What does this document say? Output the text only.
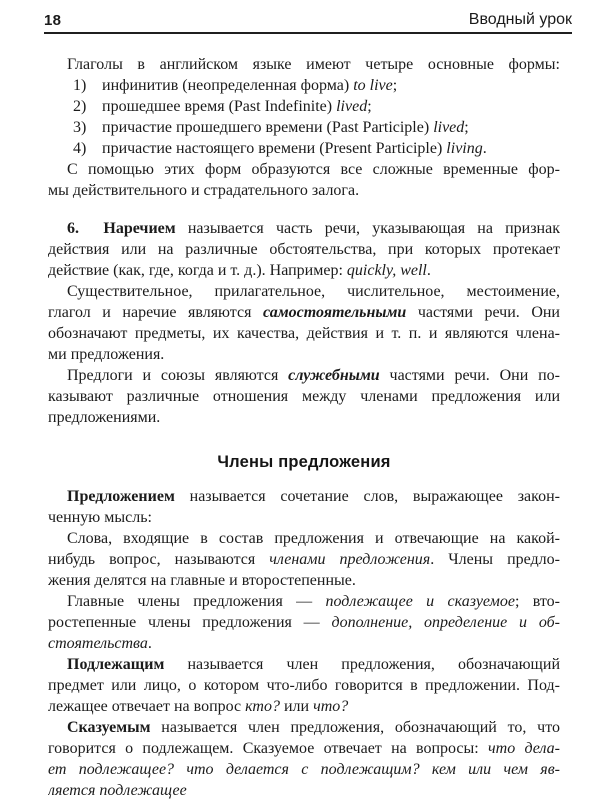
18	Вводный урок
Глаголы в английском языке имеют четыре основные формы:
1) инфинитив (неопределенная форма) to live;
2) прошедшее время (Past Indefinite) lived;
3) причастие прошедшего времени (Past Participle) lived;
4) причастие настоящего времени (Present Participle) living.
С помощью этих форм образуются все сложные временные фор-
мы действительного и страдательного залога.
6.  Наречием называется часть речи, указывающая на признак
действия или на различные обстоятельства, при которых протекает
действие (как, где, когда и т. д.). Например: quickly, well.
Существительное, прилагательное, числительное, местоимение,
глагол и наречие являются самостоятельными частями речи. Они
обозначают предметы, их качества, действия и т. п. и являются члена-
ми предложения.
Предлоги и союзы являются служебными частями речи. Они по-
казывают различные отношения между членами предложения или
предложениями.
Члены предложения
Предложением называется сочетание слов, выражающее закон-
ченную мысль:
Слова, входящие в состав предложения и отвечающие на какой-
нибудь вопрос, называются членами предложения. Члены предло-
жения делятся на главные и второстепенные.
Главные члены предложения — подлежащее и сказуемое; вто-
ростепенные члены предложения — дополнение, определение и об-
стоятельства.
Подлежащим называется член предложения, обозначающий
предмет или лицо, о котором что-либо говорится в предложении. Под-
лежащее отвечает на вопрос кто? или что?
Сказуемым называется член предложения, обозначающий то, что
говорится о подлежащем. Сказуемое отвечает на вопросы: что дела-
ет подлежащее? что делается с подлежащим? кем или чем яв-
ляется подлежащее
